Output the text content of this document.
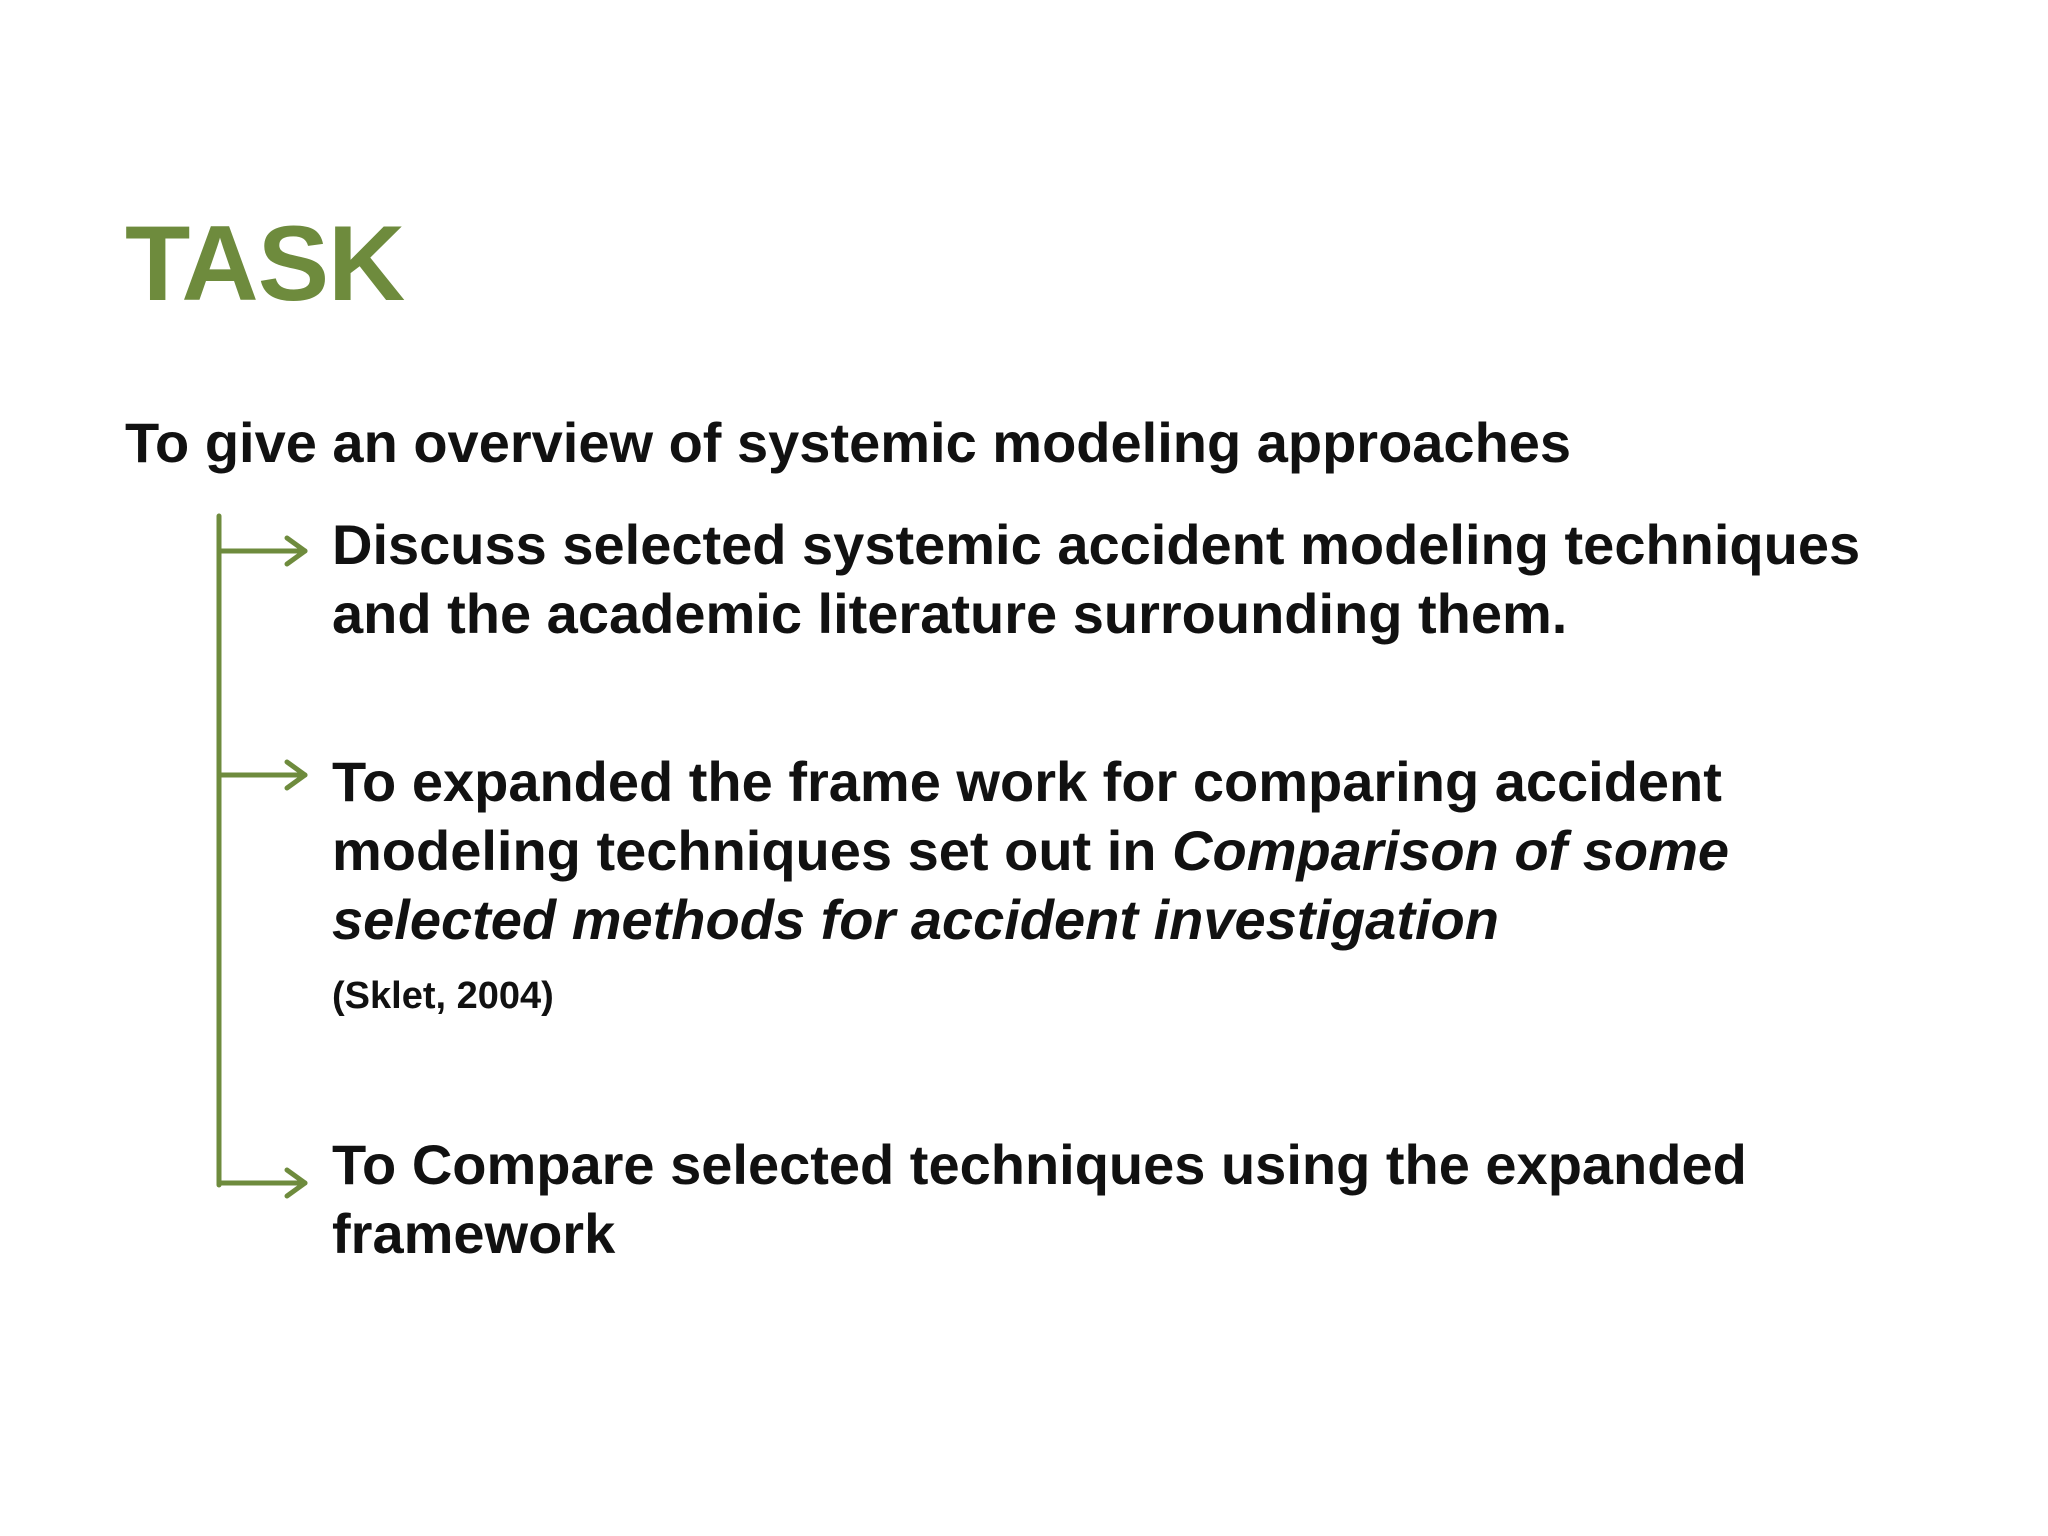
TASK

To give an overview of systemic modeling approaches

Discuss selected systemic accident modeling techniques and the academic literature surrounding them.

To expanded the frame work for comparing accident modeling techniques set out in Comparison of some selected methods for accident investigation

(Sklet, 2004)

To Compare selected techniques using the expanded framework
